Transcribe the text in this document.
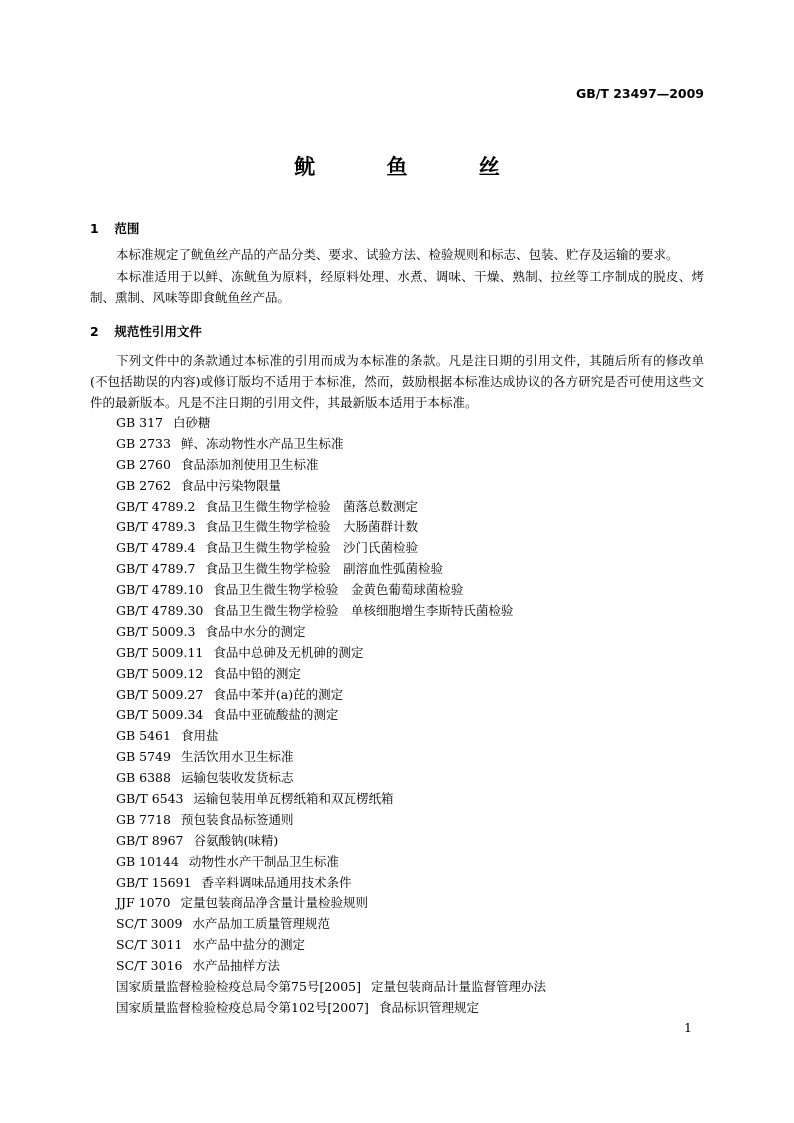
GB/T 23497—2009
鱿 鱼 丝
1 范围
本标准规定了鱿鱼丝产品的产品分类、要求、试验方法、检验规则和标志、包装、贮存及运输的要求。
本标准适用于以鲜、冻鱿鱼为原料，经原料处理、水煮、调味、干燥、熟制、拉丝等工序制成的脱皮、烤制、熏制、风味等即食鱿鱼丝产品。
2 规范性引用文件
下列文件中的条款通过本标准的引用而成为本标准的条款。凡是注日期的引用文件，其随后所有的修改单(不包括勘误的内容)或修订版均不适用于本标准，然而，鼓励根据本标准达成协议的各方研究是否可使用这些文件的最新版本。凡是不注日期的引用文件，其最新版本适用于本标准。
GB 317 白砂糖
GB 2733 鲜、冻动物性水产品卫生标准
GB 2760 食品添加剂使用卫生标准
GB 2762 食品中污染物限量
GB/T 4789.2 食品卫生微生物学检验　菌落总数测定
GB/T 4789.3 食品卫生微生物学检验　大肠菌群计数
GB/T 4789.4 食品卫生微生物学检验　沙门氏菌检验
GB/T 4789.7 食品卫生微生物学检验　副溶血性弧菌检验
GB/T 4789.10 食品卫生微生物学检验　金黄色葡萄球菌检验
GB/T 4789.30 食品卫生微生物学检验　单核细胞增生李斯特氏菌检验
GB/T 5009.3 食品中水分的测定
GB/T 5009.11 食品中总砷及无机砷的测定
GB/T 5009.12 食品中铅的测定
GB/T 5009.27 食品中苯并(a)芘的测定
GB/T 5009.34 食品中亚硫酸盐的测定
GB 5461 食用盐
GB 5749 生活饮用水卫生标准
GB 6388 运输包装收发货标志
GB/T 6543 运输包装用单瓦楞纸箱和双瓦楞纸箱
GB 7718 预包装食品标签通则
GB/T 8967 谷氨酸钠(味精)
GB 10144 动物性水产干制品卫生标准
GB/T 15691 香辛料调味品通用技术条件
JJF 1070 定量包装商品净含量计量检验规则
SC/T 3009 水产品加工质量管理规范
SC/T 3011 水产品中盐分的测定
SC/T 3016 水产品抽样方法
国家质量监督检验检疫总局令第75号[2005] 定量包装商品计量监督管理办法
国家质量监督检验检疫总局令第102号[2007] 食品标识管理规定
1
